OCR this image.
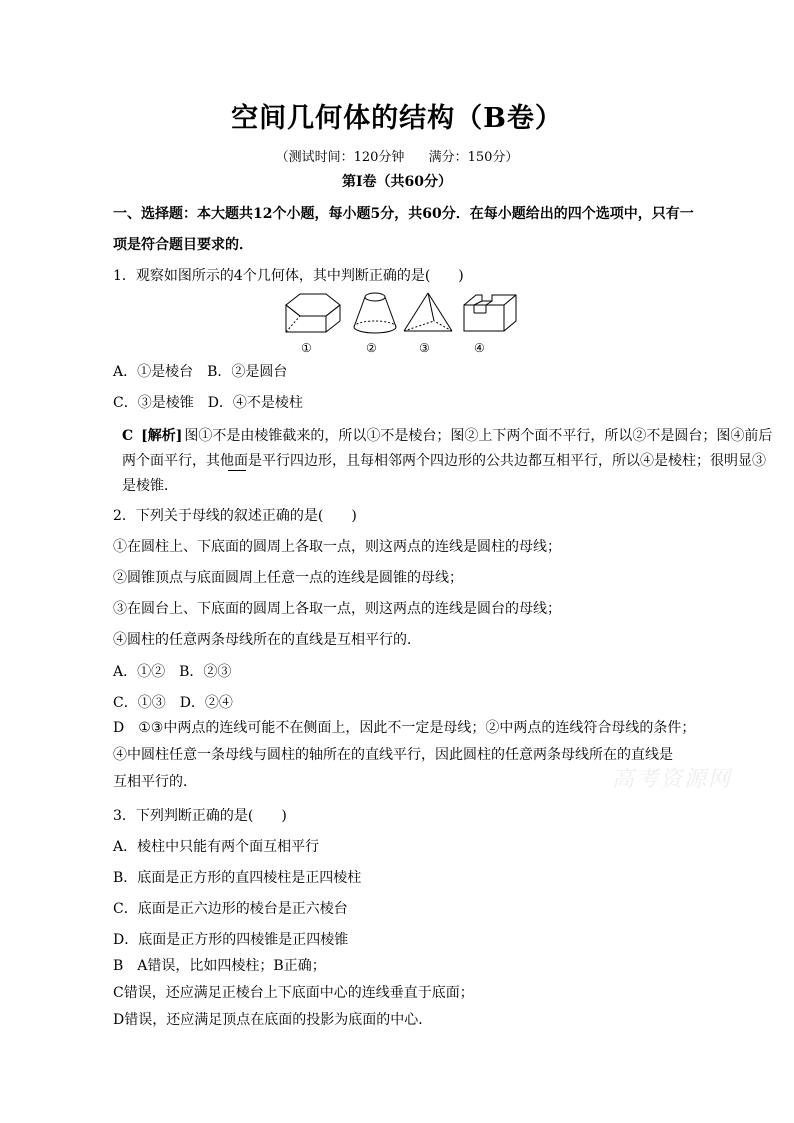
空间几何体的结构（B卷）
（测试时间：120分钟 满分：150分）
第Ⅰ卷（共60分）
一、选择题：本大题共12个小题，每小题5分，共60分．在每小题给出的四个选项中，只有一
项是符合题目要求的．
1．观察如图所示的4个几何体，其中判断正确的是(　　)
①	②	③	④
A．①是棱台　B．②是圆台
C．③是棱锥　D．④不是棱柱
C [解析] 图①不是由棱锥截来的，所以①不是棱台；图②上下两个面不平行，所以②不是圆台；图④前后
两个面平行，其他面是平行四边形，且每相邻两个四边形的公共边都互相平行，所以④是棱柱；很明显③
是棱锥．
2．下列关于母线的叙述正确的是(　　)
①在圆柱上、下底面的圆周上各取一点，则这两点的连线是圆柱的母线；
②圆锥顶点与底面圆周上任意一点的连线是圆锥的母线；
③在圆台上、下底面的圆周上各取一点，则这两点的连线是圆台的母线；
④圆柱的任意两条母线所在的直线是互相平行的．
A．①②　B．②③
C．①③　D．②④
D ①③中两点的连线可能不在侧面上，因此不一定是母线；②中两点的连线符合母线的条件；
④中圆柱任意一条母线与圆柱的轴所在的直线平行，因此圆柱的任意两条母线所在的直线是
互相平行的．
3．下列判断正确的是(　　)
A．棱柱中只能有两个面互相平行
B．底面是正方形的直四棱柱是正四棱柱
C．底面是正六边形的棱台是正六棱台
D．底面是正方形的四棱锥是正四棱锥
B A错误，比如四棱柱；B正确；
C错误，还应满足正棱台上下底面中心的连线垂直于底面；
D错误，还应满足顶点在底面的投影为底面的中心．
高考资源网
